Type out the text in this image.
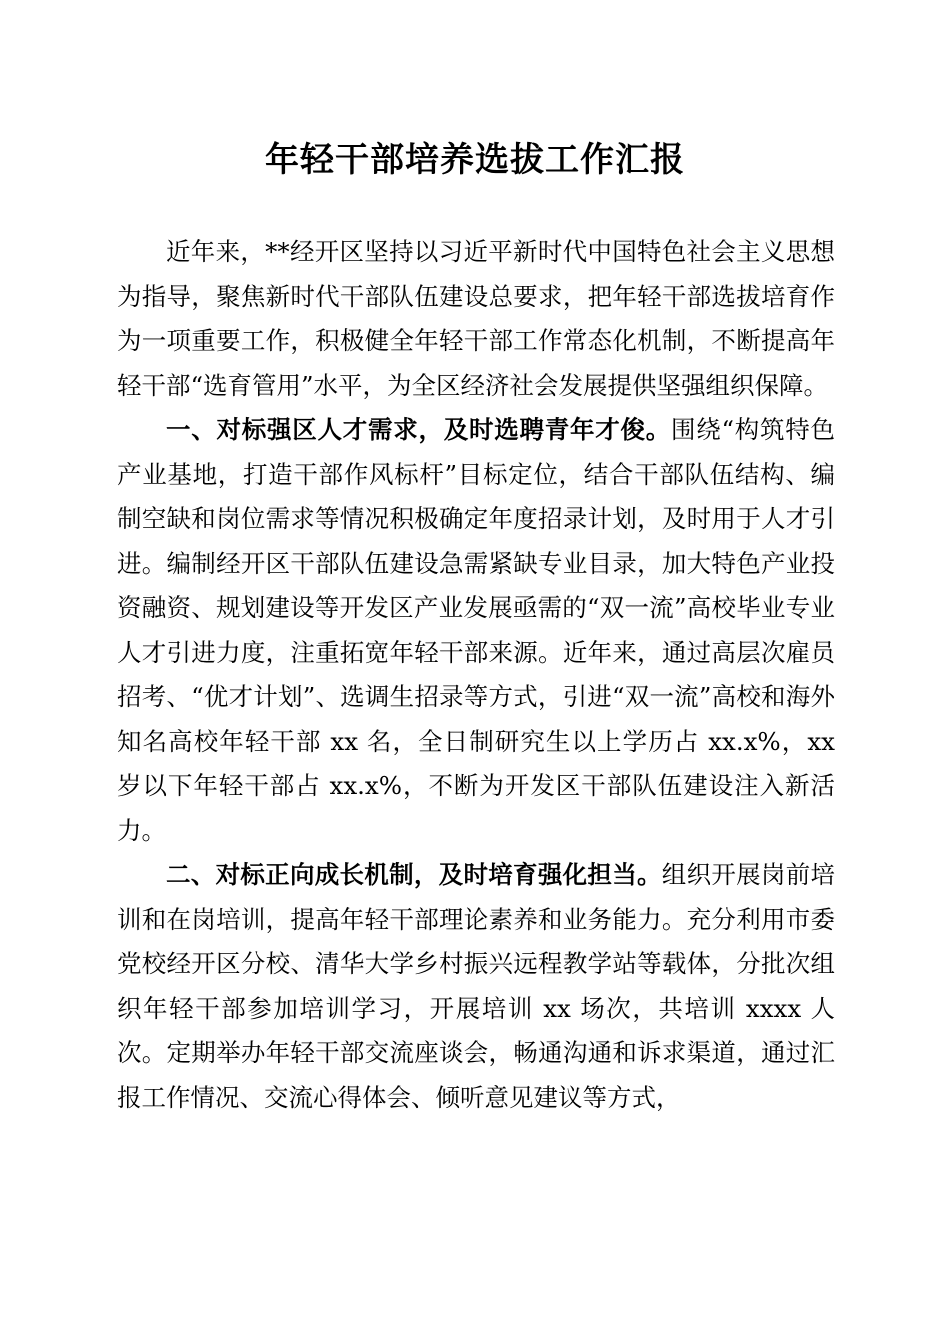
年轻干部培养选拔工作汇报

近年来，**经开区坚持以习近平新时代中国特色社会主义思想为指导，聚焦新时代干部队伍建设总要求，把年轻干部选拔培育作为一项重要工作，积极健全年轻干部工作常态化机制，不断提高年轻干部“选育管用”水平，为全区经济社会发展提供坚强组织保障。

一、对标强区人才需求，及时选聘青年才俊。围绕“构筑特色产业基地，打造干部作风标杆”目标定位，结合干部队伍结构、编制空缺和岗位需求等情况积极确定年度招录计划，及时用于人才引进。编制经开区干部队伍建设急需紧缺专业目录，加大特色产业投资融资、规划建设等开发区产业发展亟需的“双一流”高校毕业专业人才引进力度，注重拓宽年轻干部来源。近年来，通过高层次雇员招考、“优才计划”、选调生招录等方式，引进“双一流”高校和海外知名高校年轻干部 xx 名，全日制研究生以上学历占 xx.x%，xx 岁以下年轻干部占 xx.x%，不断为开发区干部队伍建设注入新活力。

二、对标正向成长机制，及时培育强化担当。组织开展岗前培训和在岗培训，提高年轻干部理论素养和业务能力。充分利用市委党校经开区分校、清华大学乡村振兴远程教学站等载体，分批次组织年轻干部参加培训学习，开展培训 xx 场次，共培训 xxxx 人次。定期举办年轻干部交流座谈会，畅通沟通和诉求渠道，通过汇报工作情况、交流心得体会、倾听意见建议等方式，
